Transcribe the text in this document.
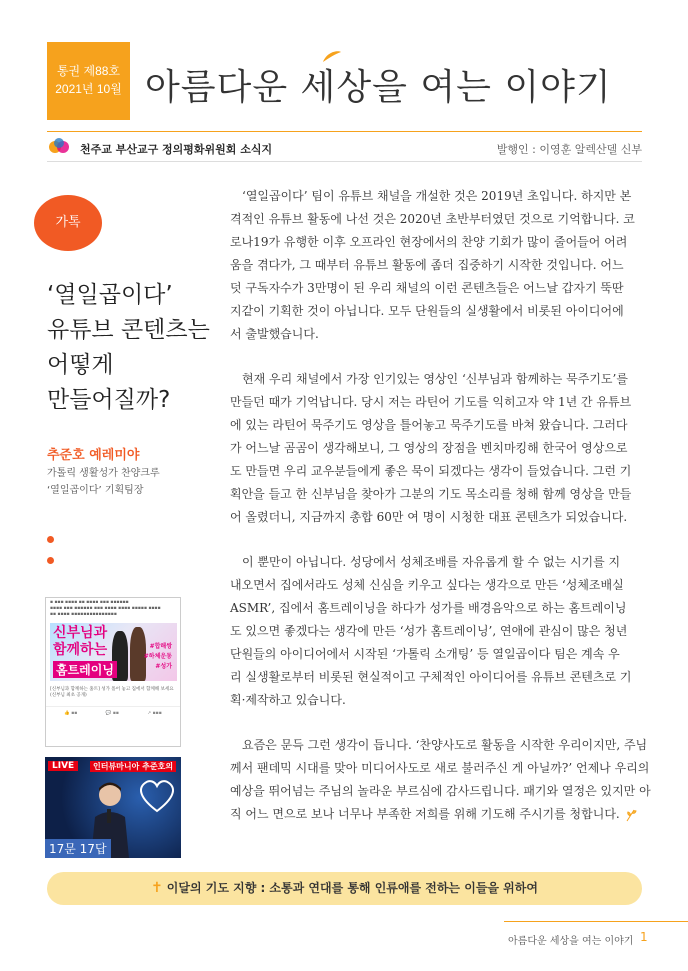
통권 제88호
2021년 10월 아름다운 세상을 여는 이야기
천주교 부산교구 정의평화위원회 소식지	발행인 : 이영훈 알렉산델 신부
가톡
‘열일곱이다’
유튜브 콘텐츠는
어떻게
만들어질까?
추준호 예레미야
가톨릭 생활성가 찬양크루
‘열일곱이다’ 기획팀장
▪ ▪▪▪ ▪▪▪▪ ▪▪ ▪▪▪▪ ▪▪▪ ▪▪▪▪▪▪
▪▪▪▪ ▪▪▪ ▪▪▪▪▪▪ ▪▪▪ ▪▪▪▪ ▪▪▪▪ ▪▪▪▪▪ ▪▪▪▪
▪▪ ▪▪▪▪ ▪▪▪▪▪▪▪▪▪▪▪▪▪▪▪
신부님과
함께하는
홈트레이닝
#합해쌍
#하체운동
#성가
[신부님과 함께하는 홈트] 성가 틀어 놓고 집에서 함께해 보세요 (신부님 최초 공개)
👍 ▪▪	💬 ▪▪	↗ ▪▪▪
LIVE	인터뷰마니아 추준호의
17문 17답

‘열일곱이다’ 팀이 유튜브 채널을 개설한 것은 2019년 초입니다. 하지만 본

격적인 유튜브 활동에 나선 것은 2020년 초반부터였던 것으로 기억합니다. 코

로나19가 유행한 이후 오프라인 현장에서의 찬양 기회가 많이 줄어들어 어려

움을 겪다가, 그 때부터 유튜브 활동에 좀더 집중하기 시작한 것입니다. 어느

덧 구독자수가 3만명이 된 우리 채널의 이런 콘텐츠들은 어느날 갑자기 뚝딴

지같이 기획한 것이 아닙니다. 모두 단원들의 실생활에서 비롯된 아이디어에

서 출발했습니다.

현재 우리 채널에서 가장 인기있는 영상인 ‘신부님과 함께하는 묵주기도’를

만들던 때가 기억납니다. 당시 저는 라틴어 기도를 익히고자 약 1년 간 유튜브

에 있는 라틴어 묵주기도 영상을 틀어놓고 묵주기도를 바쳐 왔습니다. 그러다

가 어느날 곰곰이 생각해보니, 그 영상의 장점을 벤치마킹해 한국어 영상으로

도 만들면 우리 교우분들에게 좋은 묵이 되겠다는 생각이 들었습니다. 그런 기

획안을 들고 한 신부님을 찾아가 그분의 기도 목소리를 청해 함께 영상을 만들

어 올렸더니, 지금까지 총합 60만 여 명이 시청한 대표 콘텐츠가 되었습니다.

이 뿐만이 아닙니다. 성당에서 성체조배를 자유롭게 할 수 없는 시기를 지

내오면서 집에서라도 성체 신심을 키우고 싶다는 생각으로 만든 ‘성체조배실

ASMR’, 집에서 홈트레이닝을 하다가 성가를 배경음악으로 하는 홈트레이닝

도 있으면 좋겠다는 생각에 만든 ‘성가 홈트레이닝’, 연애에 관심이 많은 청년

단원들의 아이디어에서 시작된 ‘가톨릭 소개팅’ 등 열일곱이다 팀은 계속 우

리 실생활로부터 비롯된 현실적이고 구체적인 아이디어를 유튜브 콘텐츠로 기

획·제작하고 있습니다.

요즘은 문득 그런 생각이 듭니다. ‘찬양사도로 활동을 시작한 우리이지만, 주님

께서 팬데믹 시대를 맞아 미디어사도로 새로 불러주신 게 아닐까?’ 언제나 우리의

예상을 뛰어넘는 주님의 놀라운 부르심에 감사드립니다. 패기와 열정은 있지만 아

직 어느 면으로 보나 너무나 부족한 저희를 위해 기도해 주시기를 청합니다.

✝ 이달의 기도 지향 : 소통과 연대를 통해 인류애를 전하는 이들을 위하여
아름다운 세상을 여는 이야기 1
